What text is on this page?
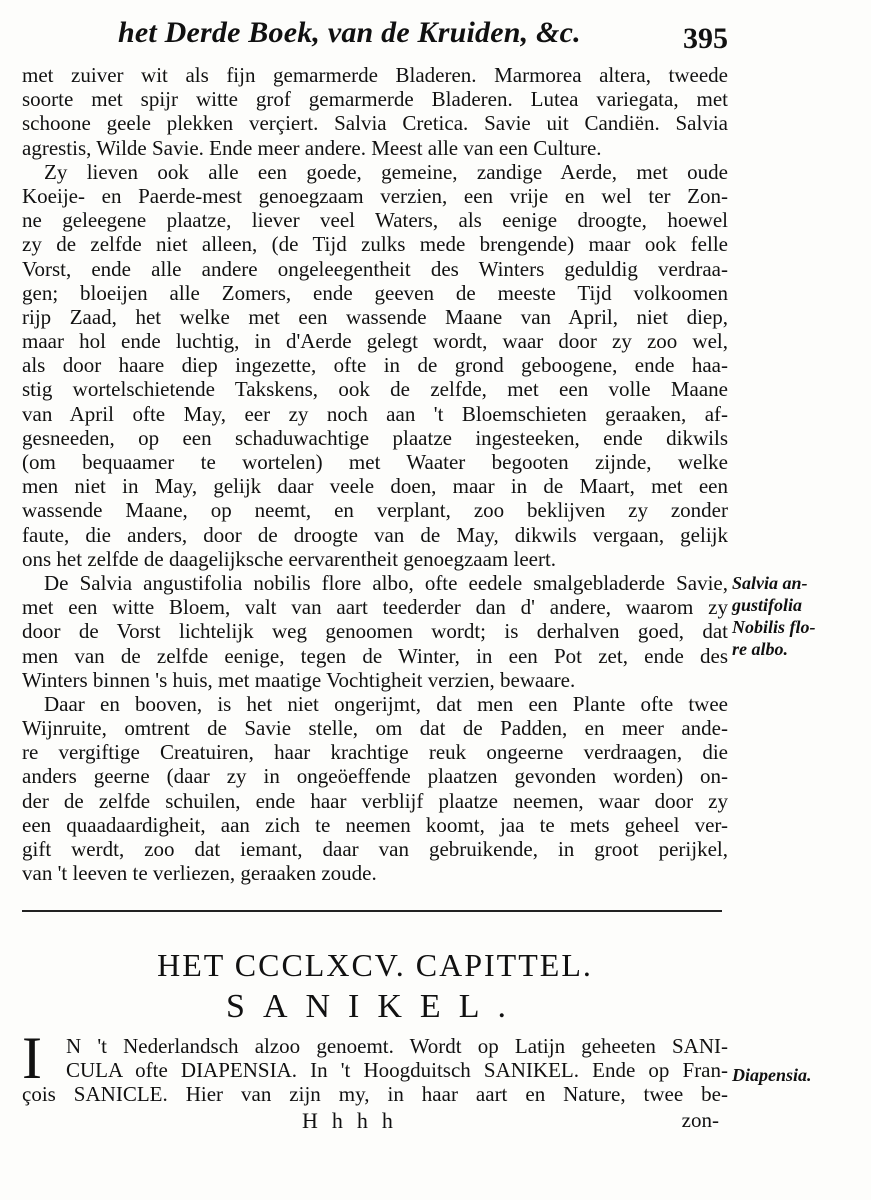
het Derde Boek, van de Kruiden, &c.	395
met zuiver wit als fijn gemarmerde Bladeren. Marmorea altera, tweede
soorte met spijr witte grof gemarmerde Bladeren. Lutea variegata, met
schoone geele plekken verçiert. Salvia Cretica. Savie uit Candiën. Salvia
agrestis, Wilde Savie. Ende meer andere. Meest alle van een Culture.
Zy lieven ook alle een goede, gemeine, zandige Aerde, met oude
Koeije- en Paerde-mest genoegzaam verzien, een vrije en wel ter Zon-
ne geleegene plaatze, liever veel Waters, als eenige droogte, hoewel
zy de zelfde niet alleen, (de Tijd zulks mede brengende) maar ook felle
Vorst, ende alle andere ongeleegentheit des Winters geduldig verdraa-
gen; bloeijen alle Zomers, ende geeven de meeste Tijd volkoomen
rijp Zaad, het welke met een wassende Maane van April, niet diep,
maar hol ende luchtig, in d'Aerde gelegt wordt, waar door zy zoo wel,
als door haare diep ingezette, ofte in de grond geboogene, ende haa-
stig wortelschietende Takskens, ook de zelfde, met een volle Maane
van April ofte May, eer zy noch aan 't Bloemschieten geraaken, af-
gesneeden, op een schaduwachtige plaatze ingesteeken, ende dikwils
(om bequaamer te wortelen) met Waater begooten zijnde, welke
men niet in May, gelijk daar veele doen, maar in de Maart, met een
wassende Maane, op neemt, en verplant, zoo beklijven zy zonder
faute, die anders, door de droogte van de May, dikwils vergaan, gelijk
ons het zelfde de daagelijksche eervarentheit genoegzaam leert.
De Salvia angustifolia nobilis flore albo, ofte eedele smalgebladerde Savie,
met een witte Bloem, valt van aart teederder dan d' andere, waarom zy
door de Vorst lichtelijk weg genoomen wordt; is derhalven goed, dat
men van de zelfde eenige, tegen de Winter, in een Pot zet, ende des
Winters binnen 's huis, met maatige Vochtigheit verzien, bewaare.
Daar en booven, is het niet ongerijmt, dat men een Plante ofte twee
Wijnruite, omtrent de Savie stelle, om dat de Padden, en meer ande-
re vergiftige Creatuiren, haar krachtige reuk ongeerne verdraagen, die
anders geerne (daar zy in ongeöeffende plaatzen gevonden worden) on-
der de zelfde schuilen, ende haar verblijf plaatze neemen, waar door zy
een quaadaardigheit, aan zich te neemen koomt, jaa te mets geheel ver-
gift werdt, zoo dat iemant, daar van gebruikende, in groot perijkel,
van 't leeven te verliezen, geraaken zoude.
Salvia an-
gustifolia
Nobilis flo-
re albo.
HET CCCLXCV. CAPITTEL.
SANIKEL.
I	N 't Nederlandsch alzoo genoemt. Wordt op Latijn geheeten SANI-
CULA ofte DIAPENSIA. In 't Hoogduitsch SANIKEL. Ende op Fran-
çois SANICLE. Hier van zijn my, in haar aart en Nature, twee be-
Diapensia.
Hhhh	zon-
